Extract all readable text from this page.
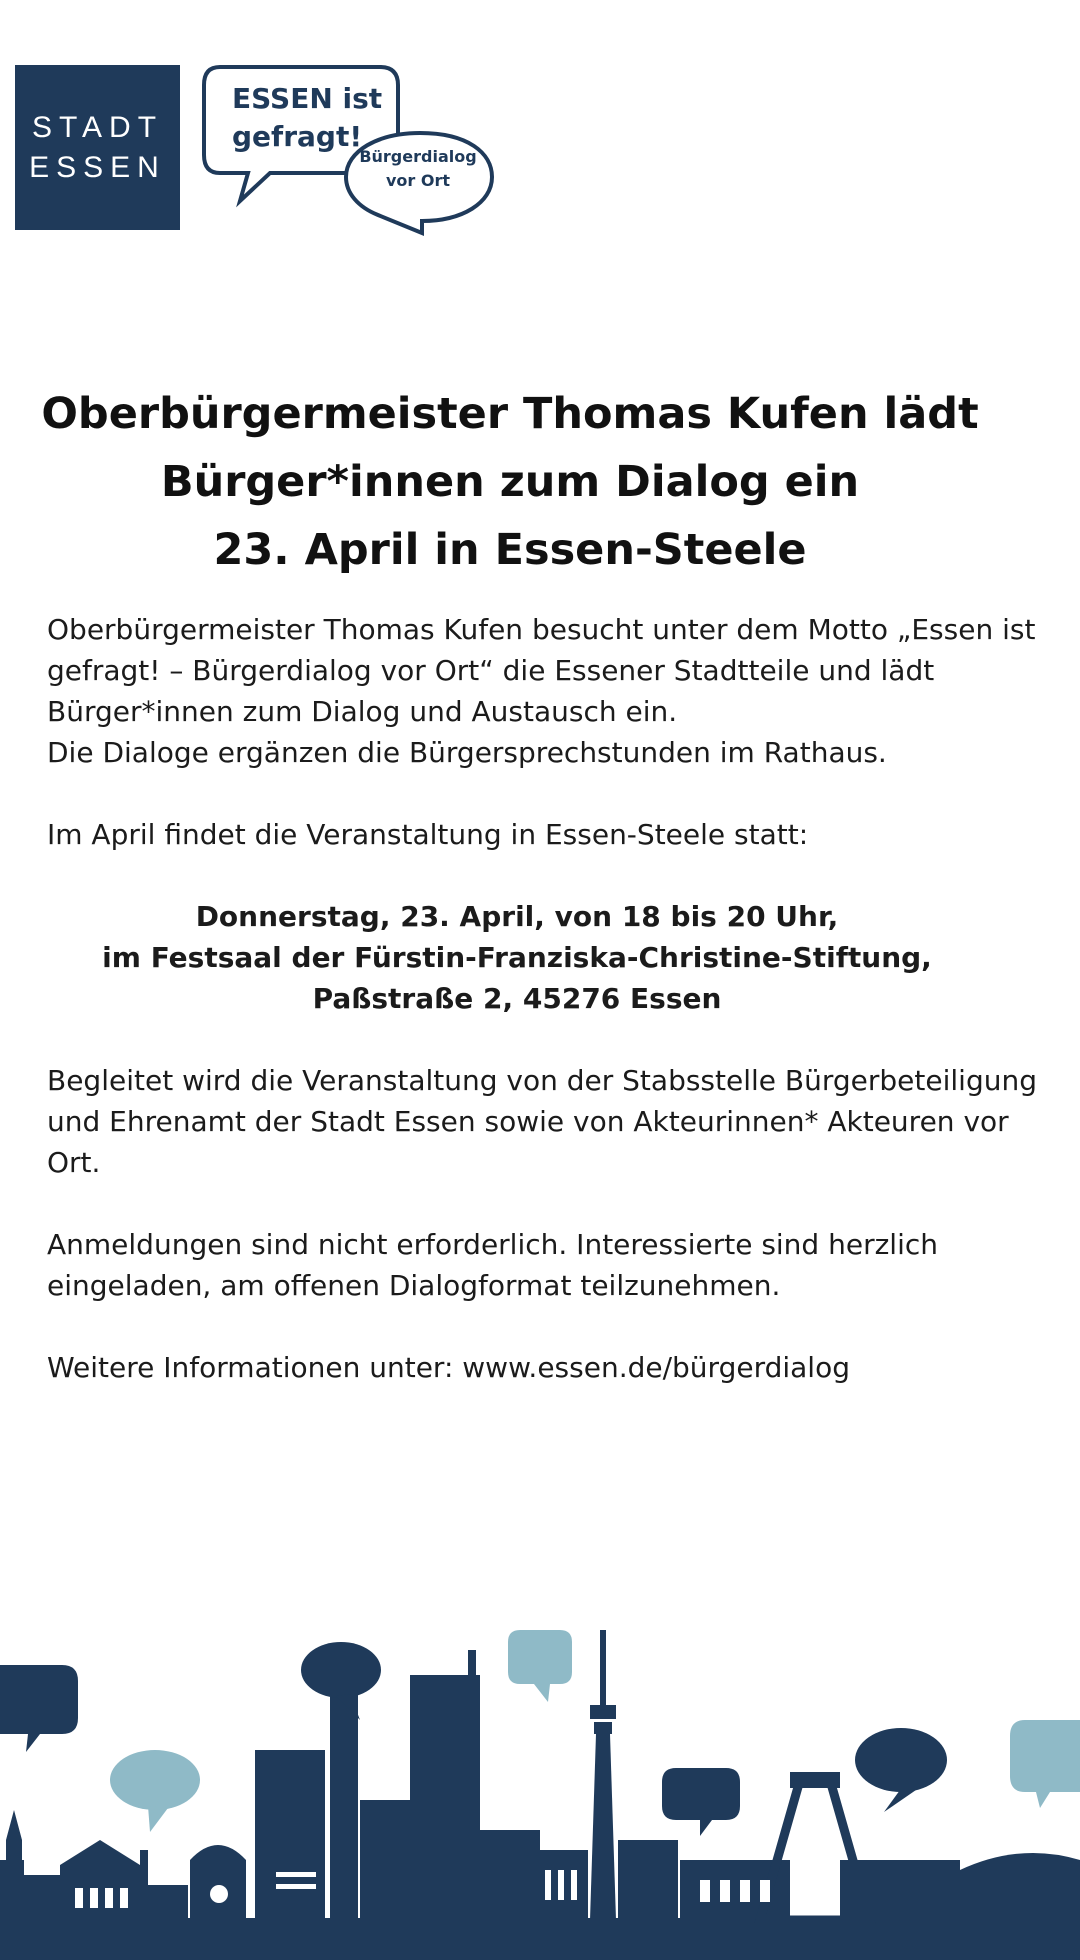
STADT
ESSEN
ESSEN ist
gefragt!
Bürgerdialog
vor Ort
Oberbürgermeister Thomas Kufen lädt
Bürger*innen zum Dialog ein
23. April in Essen-Steele

Oberbürgermeister Thomas Kufen besucht unter dem Motto „Essen ist

gefragt! – Bürgerdialog vor Ort“ die Essener Stadtteile und lädt

Bürger*innen zum Dialog und Austausch ein.

Die Dialoge ergänzen die Bürgersprechstunden im Rathaus.

Im April findet die Veranstaltung in Essen-Steele statt:

Donnerstag, 23. April, von 18 bis 20 Uhr,

im Festsaal der Fürstin-Franziska-Christine-Stiftung,

Paßstraße 2, 45276 Essen

Begleitet wird die Veranstaltung von der Stabsstelle Bürgerbeteiligung

und Ehrenamt der Stadt Essen sowie von Akteurinnen* Akteuren vor

Ort.

Anmeldungen sind nicht erforderlich. Interessierte sind herzlich

eingeladen, am offenen Dialogformat teilzunehmen.

Weitere Informationen unter: www.essen.de/bürgerdialog
